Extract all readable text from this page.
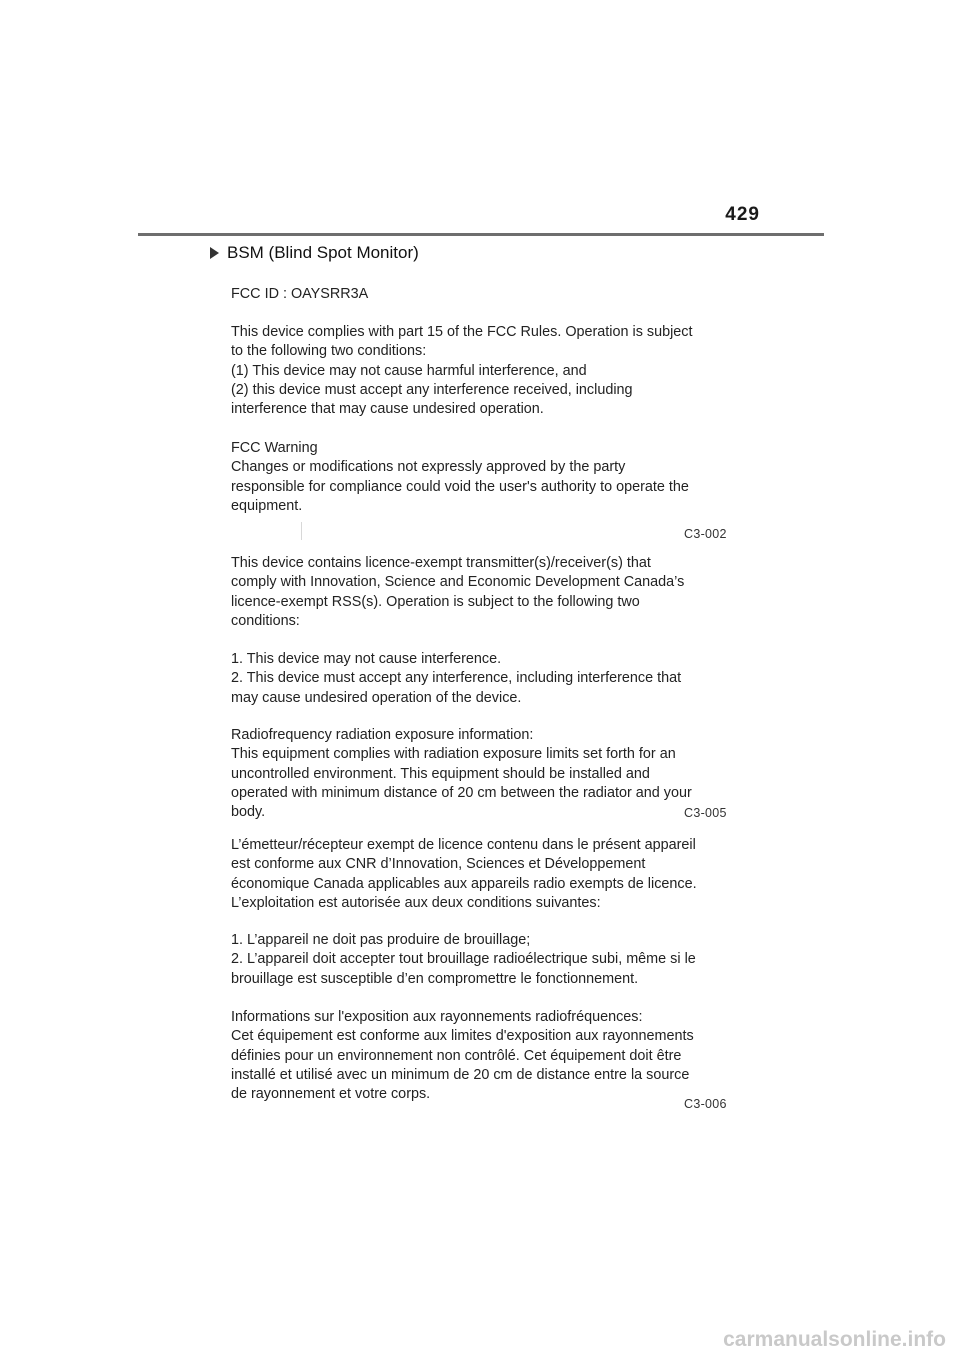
429
BSM (Blind Spot Monitor)
FCC ID : OAYSRR3A
This device complies with part 15 of the FCC Rules. Operation is subject
to the following two conditions:
(1) This device may not cause harmful interference, and
(2) this device must accept any interference received, including
interference that may cause undesired operation.
FCC Warning
Changes or modifications not expressly approved by the party
responsible for compliance could void the user's authority to operate the
equipment.
C3-002
This device contains licence-exempt transmitter(s)/receiver(s) that
comply with Innovation, Science and Economic Development Canada’s
licence-exempt RSS(s). Operation is subject to the following two
conditions:
1. This device may not cause interference.
2. This device must accept any interference, including interference that
may cause undesired operation of the device.
Radiofrequency radiation exposure information:
This equipment complies with radiation exposure limits set forth for an
uncontrolled environment. This equipment should be installed and
operated with minimum distance of 20 cm between the radiator and your
body.	C3-005
L’émetteur/récepteur exempt de licence contenu dans le présent appareil
est conforme aux CNR d’Innovation, Sciences et Développement
économique Canada applicables aux appareils radio exempts de licence.
L’exploitation est autorisée aux deux conditions suivantes:
1. L’appareil ne doit pas produire de brouillage;
2. L’appareil doit accepter tout brouillage radioélectrique subi, même si le
brouillage est susceptible d’en compromettre le fonctionnement.
Informations sur l'exposition aux rayonnements radiofréquences:
Cet équipement est conforme aux limites d'exposition aux rayonnements
définies pour un environnement non contrôlé. Cet équipement doit être
installé et utilisé avec un minimum de 20 cm de distance entre la source
de rayonnement et votre corps.
C3-006
carmanualsonline.info
